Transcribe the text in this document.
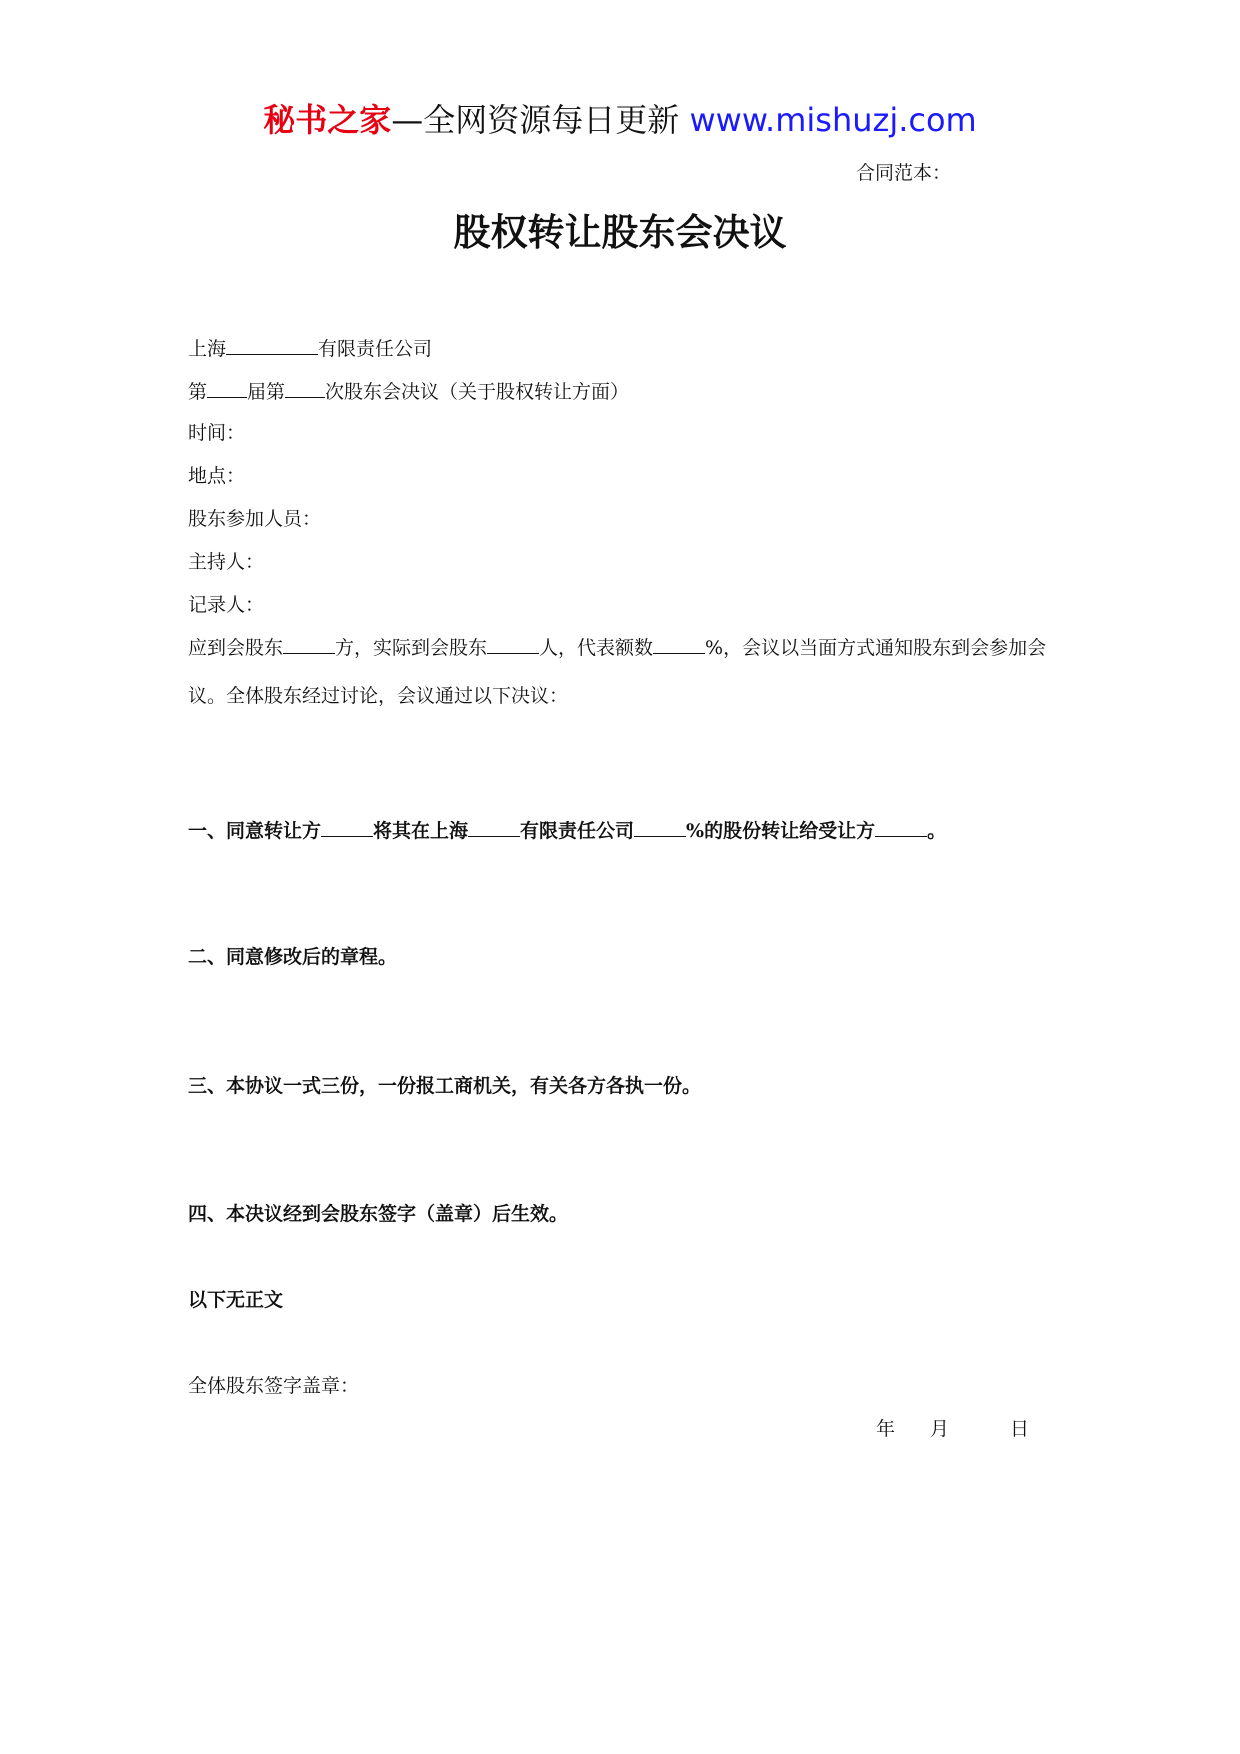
秘书之家—全网资源每日更新 www.mishuzj.com
合同范本：
股权转让股东会决议
上海	有限责任公司
第 届第 次股东会决议（关于股权转让方面）
时间：
地点：
股东参加人员：
主持人：
记录人：
应到会股东	方，实际到会股东	人，代表额数	%，会议以当面方式通知股东到会参加会议。全体股东经过讨论，会议通过以下决议：
一、同意转让方	将其在上海	有限责任公司	%的股份转让给受让方	。
二、同意修改后的章程。
三、本协议一式三份，一份报工商机关，有关各方各执一份。
四、本决议经到会股东签字（盖章）后生效。
以下无正文
全体股东签字盖章：
年 月	日
